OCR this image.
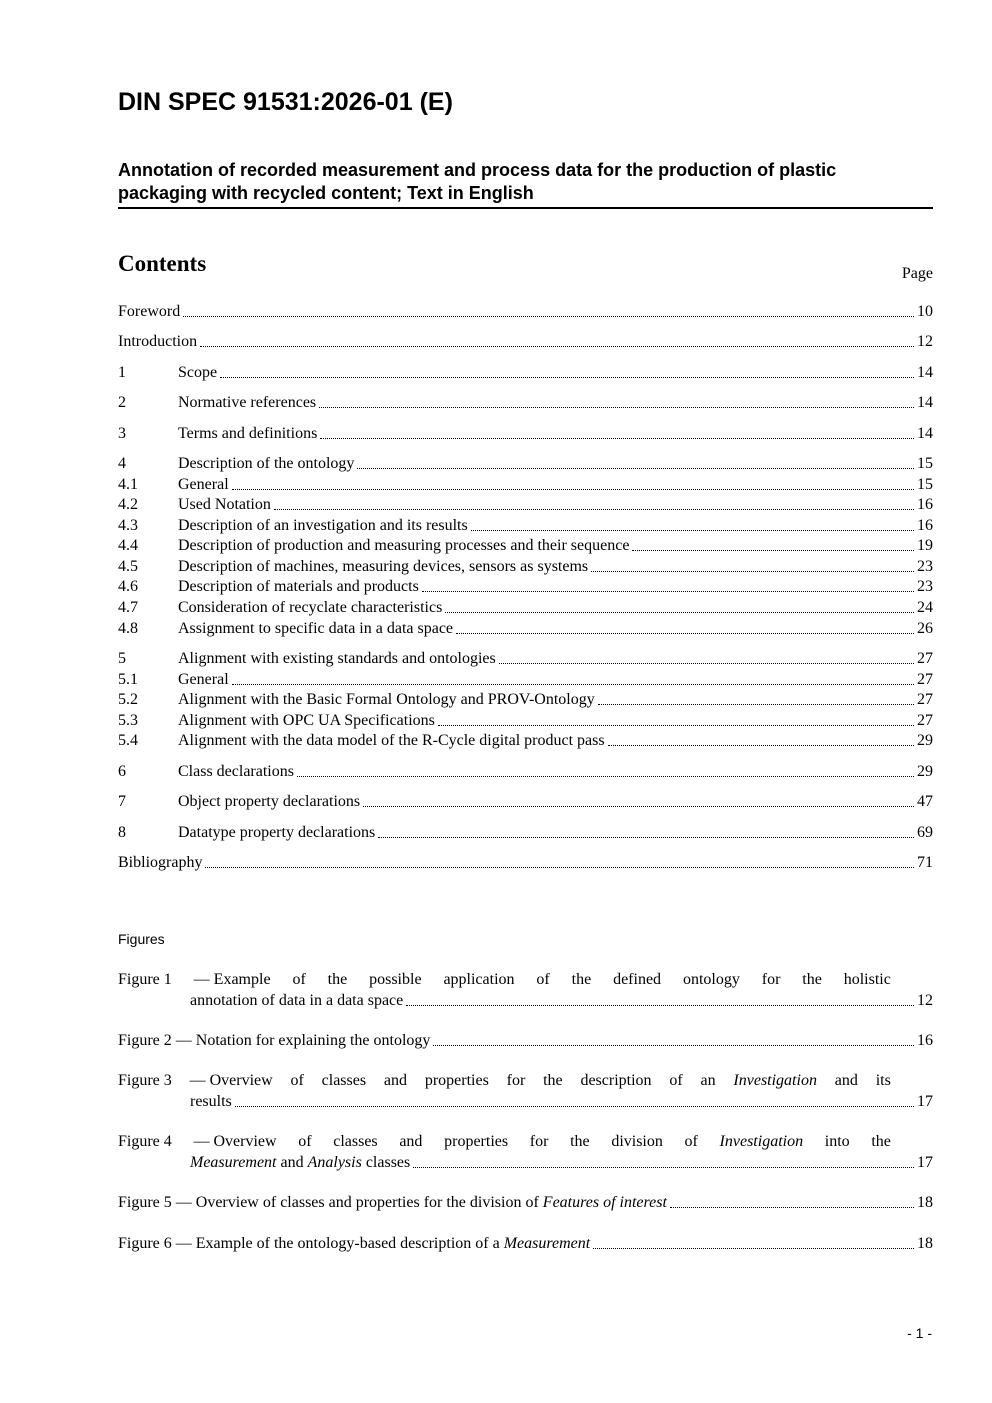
DIN SPEC 91531:2026-01 (E)
Annotation of recorded measurement and process data for the production of plastic
packaging with recycled content; Text in English
Contents	Page
Foreword	10
Introduction	12
1	Scope	14
2	Normative references	14
3	Terms and definitions	14
4	Description of the ontology	15
4.1	General	15
4.2	Used Notation	16
4.3	Description of an investigation and its results	16
4.4	Description of production and measuring processes and their sequence	19
4.5	Description of machines, measuring devices, sensors as systems	23
4.6	Description of materials and products	23
4.7	Consideration of recyclate characteristics	24
4.8	Assignment to specific data in a data space	26
5	Alignment with existing standards and ontologies	27
5.1	General	27
5.2	Alignment with the Basic Formal Ontology and PROV-Ontology	27
5.3	Alignment with OPC UA Specifications	27
5.4	Alignment with the data model of the R-Cycle digital product pass	29
6	Class declarations	29
7	Object property declarations	47
8	Datatype property declarations	69
Bibliography	71
Figures
Figure 1 — Example of the possible application of the defined ontology for the holistic
annotation of data in a data space	12
Figure 2 — Notation for explaining the ontology	16
Figure 3 — Overview of classes and properties for the description of an Investigation and its
results	17
Figure 4 — Overview of classes and properties for the division of Investigation into the
Measurement and Analysis classes	17
Figure 5 — Overview of classes and properties for the division of Features of interest	18
Figure 6 — Example of the ontology-based description of a Measurement	18
- 1 -
